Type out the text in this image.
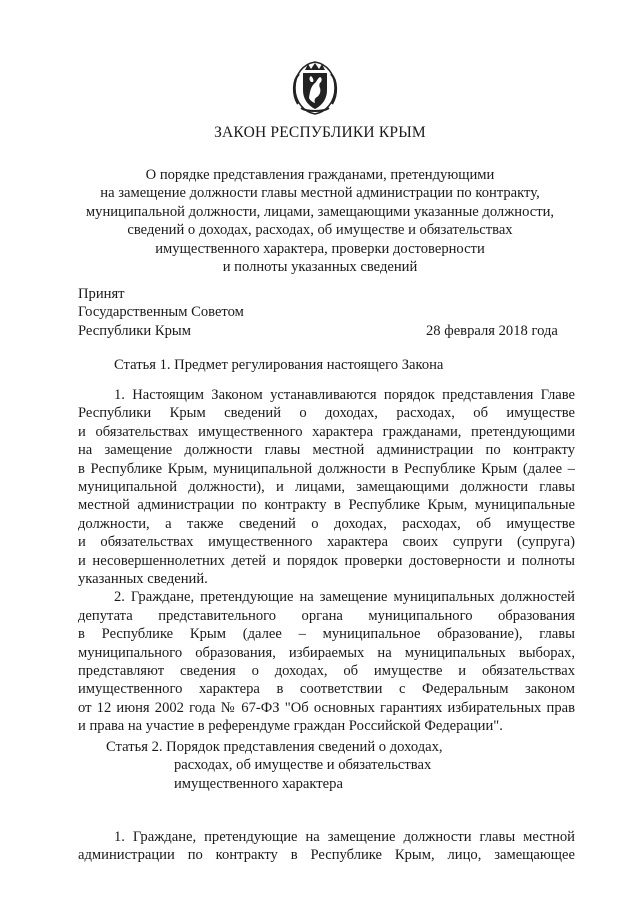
ЗАКОН РЕСПУБЛИКИ КРЫМ
О порядке представления гражданами, претендующими
на замещение должности главы местной администрации по контракту,
муниципальной должности, лицами, замещающими указанные должности,
сведений о доходах, расходах, об имуществе и обязательствах
имущественного характера, проверки достоверности
и полноты указанных сведений
Принят
Государственным Советом
Республики Крым	28 февраля 2018 года
Статья 1. Предмет регулирования настоящего Закона
1. Настоящим Законом устанавливаются порядок представления Главе
Республики Крым сведений о доходах, расходах, об имуществе
и обязательствах имущественного характера гражданами, претендующими
на замещение должности главы местной администрации по контракту
в Республике Крым, муниципальной должности в Республике Крым (далее –
муниципальной должности), и лицами, замещающими должности главы
местной администрации по контракту в Республике Крым, муниципальные
должности, а также сведений о доходах, расходах, об имуществе
и обязательствах имущественного характера своих супруги (супруга)
и несовершеннолетних детей и порядок проверки достоверности и полноты
указанных сведений.
2. Граждане, претендующие на замещение муниципальных должностей
депутата представительного органа муниципального образования
в Республике Крым (далее – муниципальное образование), главы
муниципального образования, избираемых на муниципальных выборах,
представляют сведения о доходах, об имуществе и обязательствах
имущественного характера в соответствии с Федеральным законом
от 12 июня 2002 года № 67-ФЗ "Об основных гарантиях избирательных прав
и права на участие в референдуме граждан Российской Федерации".
Статья 2. Порядок представления сведений о доходах,
расходах, об имуществе и обязательствах
имущественного характера
1. Граждане, претендующие на замещение должности главы местной
администрации по контракту в Республике Крым, лицо, замещающее
